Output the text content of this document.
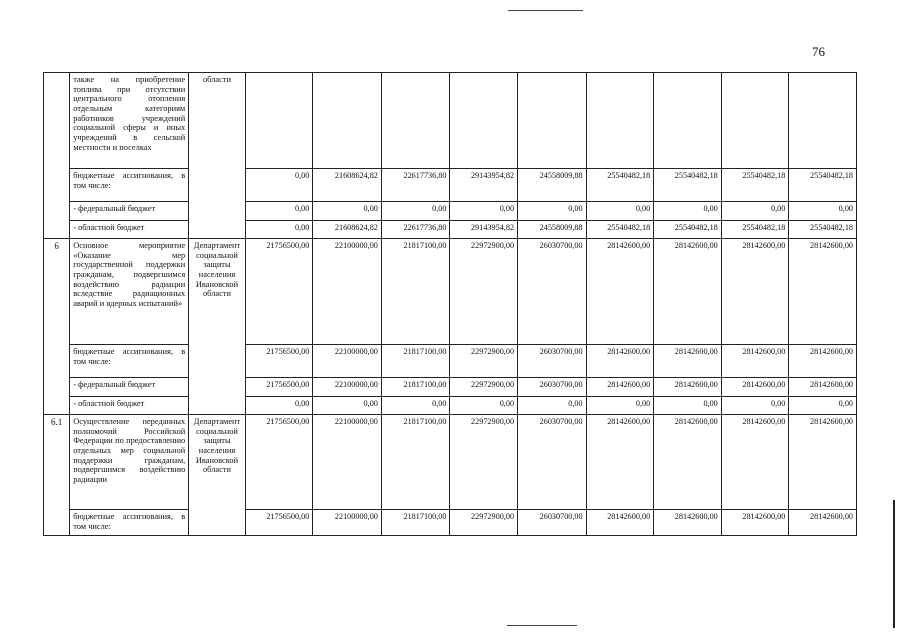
76
	также на приобретение топлива при отсутствии центрального отопления отдельным категориям работников учреждений социальной сферы и иных учреждений в сельской местности и поселках	области									
	бюджетные ассигнования, в том числе:		0,00	21608624,82	22617736,80	29143954,82	24558009,88	25540482,18	25540482,18	25540482,18	25540482,18
	- федеральный бюджет		0,00	0,00	0,00	0,00	0,00	0,00	0,00	0,00	0,00
	- областной бюджет		0,00	21608624,82	22617736,80	29143954,82	24558009,88	25540482,18	25540482,18	25540482,18	25540482,18
6	Основное мероприятие «Оказание мер государственной поддержки гражданам, подвергшимся воздействию радиации вследствие радиационных аварий и ядерных испытаний»	Департамент социальной защиты населения Ивановской области	21756500,00	22100000,00	21817100,00	22972900,00	26030700,00	28142600,00	28142600,00	28142600,00	28142600,00
	бюджетные ассигнования, в том числе:		21756500,00	22100000,00	21817100,00	22972900,00	26030700,00	28142600,00	28142600,00	28142600,00	28142600,00
	- федеральный бюджет		21756500,00	22100000,00	21817100,00	22972900,00	26030700,00	28142600,00	28142600,00	28142600,00	28142600,00
	- областной бюджет		0,00	0,00	0,00	0,00	0,00	0,00	0,00	0,00	0,00
6.1	Осуществление переданных полномочий Российской Федерации по предоставлению отдельных мер социальной поддержки гражданам, подвергшимся воздействию радиации	Департамент социальной защиты населения Ивановской области	21756500,00	22100000,00	21817100,00	22972900,00	26030700,00	28142600,00	28142600,00	28142600,00	28142600,00
	бюджетные ассигнования, в том числе:		21756500,00	22100000,00	21817100,00	22972900,00	26030700,00	28142600,00	28142600,00	28142600,00	28142600,00
